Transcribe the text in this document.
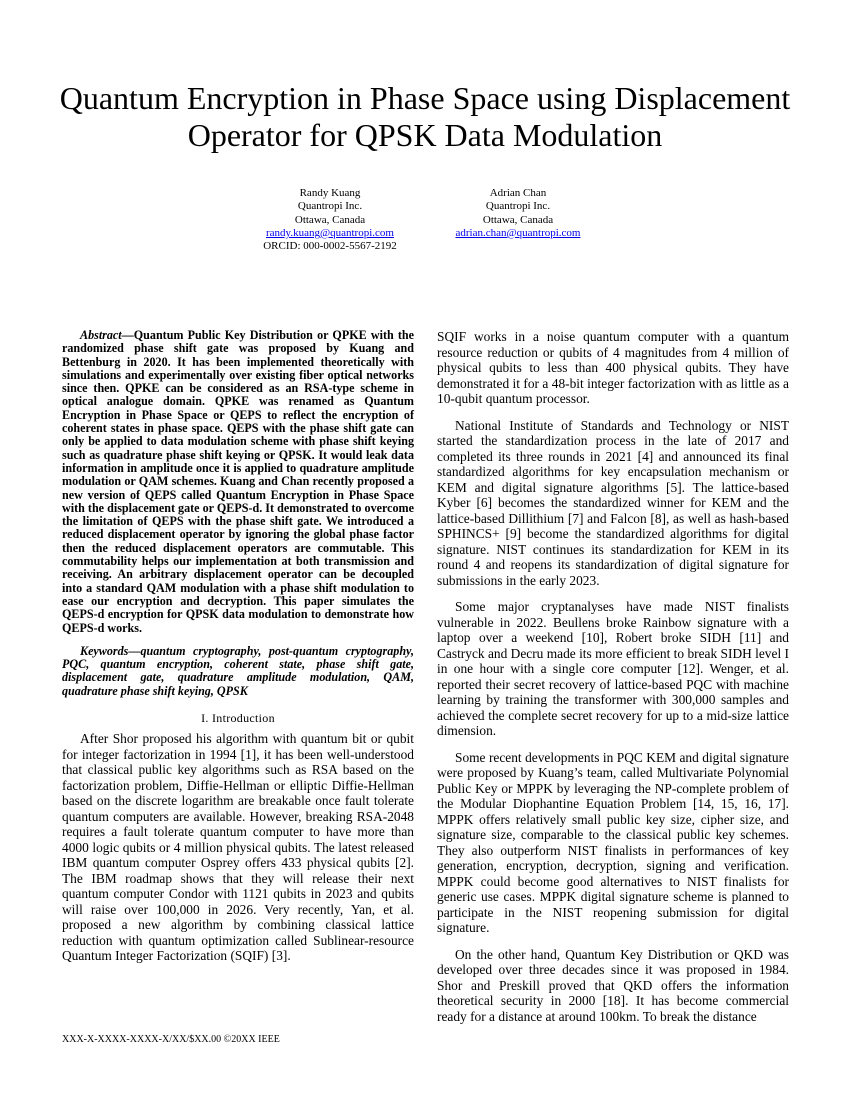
Quantum Encryption in Phase Space using Displacement Operator for QPSK Data Modulation
Randy Kuang
Quantropi Inc.
Ottawa, Canada
randy.kuang@quantropi.com
ORCID: 000-0002-5567-2192
Adrian Chan
Quantropi Inc.
Ottawa, Canada
adrian.chan@quantropi.com

Abstract—Quantum Public Key Distribution or QPKE with the randomized phase shift gate was proposed by Kuang and Bettenburg in 2020. It has been implemented theoretically with simulations and experimentally over existing fiber optical networks since then. QPKE can be considered as an RSA-type scheme in optical analogue domain. QPKE was renamed as Quantum Encryption in Phase Space or QEPS to reflect the encryption of coherent states in phase space. QEPS with the phase shift gate can only be applied to data modulation scheme with phase shift keying such as quadrature phase shift keying or QPSK. It would leak data information in amplitude once it is applied to quadrature amplitude modulation or QAM schemes. Kuang and Chan recently proposed a new version of QEPS called Quantum Encryption in Phase Space with the displacement gate or QEPS-d. It demonstrated to overcome the limitation of QEPS with the phase shift gate. We introduced a reduced displacement operator by ignoring the global phase factor then the reduced displacement operators are commutable. This commutability helps our implementation at both transmission and receiving. An arbitrary displacement operator can be decoupled into a standard QAM modulation with a phase shift modulation to ease our encryption and decryption. This paper simulates the QEPS-d encryption for QPSK data modulation to demonstrate how QEPS-d works.

Keywords—quantum cryptography, post-quantum cryptography, PQC, quantum encryption, coherent state, phase shift gate, displacement gate, quadrature amplitude modulation, QAM, quadrature phase shift keying, QPSK

I. Introduction

After Shor proposed his algorithm with quantum bit or qubit for integer factorization in 1994 [1], it has been well-understood that classical public key algorithms such as RSA based on the factorization problem, Diffie-Hellman or elliptic Diffie-Hellman based on the discrete logarithm are breakable once fault tolerate quantum computers are available. However, breaking RSA-2048 requires a fault tolerate quantum computer to have more than 4000 logic qubits or 4 million physical qubits. The latest released IBM quantum computer Osprey offers 433 physical qubits [2]. The IBM roadmap shows that they will release their next quantum computer Condor with 1121 qubits in 2023 and qubits will raise over 100,000 in 2026. Very recently, Yan, et al. proposed a new algorithm by combining classical lattice reduction with quantum optimization called Sublinear-resource Quantum Integer Factorization (SQIF) [3].

SQIF works in a noise quantum computer with a quantum resource reduction or qubits of 4 magnitudes from 4 million of physical qubits to less than 400 physical qubits. They have demonstrated it for a 48-bit integer factorization with as little as a 10-qubit quantum processor.

National Institute of Standards and Technology or NIST started the standardization process in the late of 2017 and completed its three rounds in 2021 [4] and announced its final standardized algorithms for key encapsulation mechanism or KEM and digital signature algorithms [5]. The lattice-based Kyber [6] becomes the standardized winner for KEM and the lattice-based Dillithium [7] and Falcon [8], as well as hash-based SPHINCS+ [9] become the standardized algorithms for digital signature. NIST continues its standardization for KEM in its round 4 and reopens its standardization of digital signature for submissions in the early 2023.

Some major cryptanalyses have made NIST finalists vulnerable in 2022. Beullens broke Rainbow signature with a laptop over a weekend [10], Robert broke SIDH [11] and Castryck and Decru made its more efficient to break SIDH level I in one hour with a single core computer [12]. Wenger, et al. reported their secret recovery of lattice-based PQC with machine learning by training the transformer with 300,000 samples and achieved the complete secret recovery for up to a mid-size lattice dimension.

Some recent developments in PQC KEM and digital signature were proposed by Kuang’s team, called Multivariate Polynomial Public Key or MPPK by leveraging the NP-complete problem of the Modular Diophantine Equation Problem [14, 15, 16, 17]. MPPK offers relatively small public key size, cipher size, and signature size, comparable to the classical public key schemes. They also outperform NIST finalists in performances of key generation, encryption, decryption, signing and verification. MPPK could become good alternatives to NIST finalists for generic use cases. MPPK digital signature scheme is planned to participate in the NIST reopening submission for digital signature.

On the other hand, Quantum Key Distribution or QKD was developed over three decades since it was proposed in 1984. Shor and Preskill proved that QKD offers the information theoretical security in 2000 [18]. It has become commercial ready for a distance at around 100km. To break the distance

XXX-X-XXXX-XXXX-X/XX/$XX.00 ©20XX IEEE
